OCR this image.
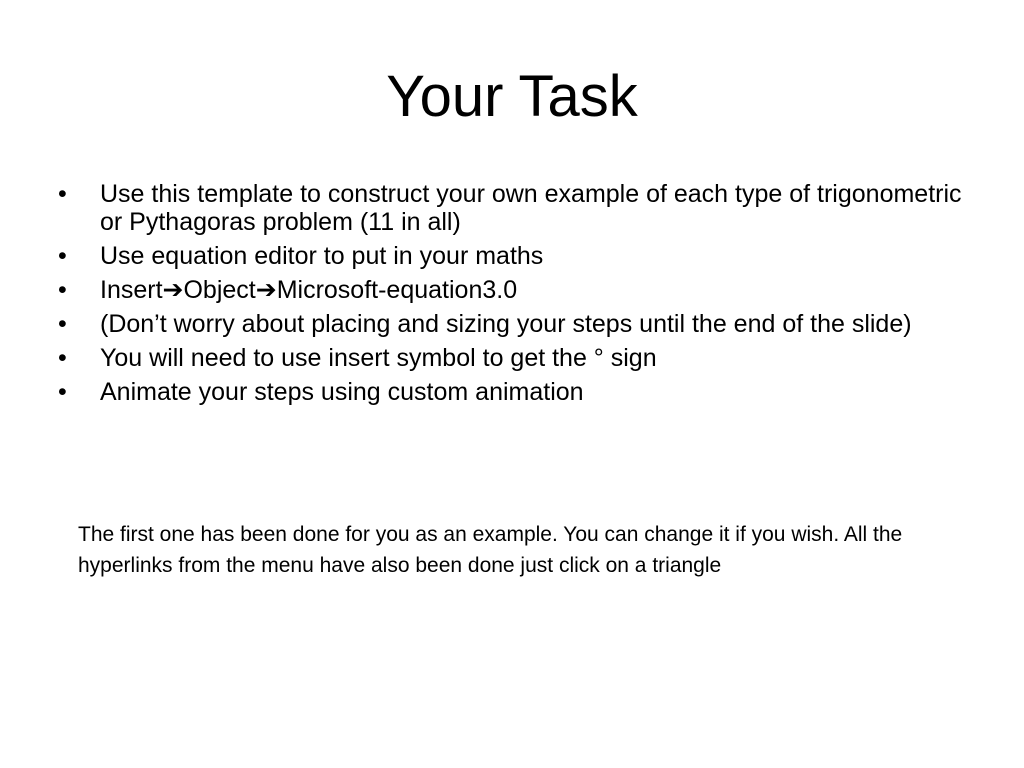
Your Task
•	Use this template to construct your own example of each type of trigonometric or Pythagoras problem (11 in all)
•	Use equation editor to put in your maths
•	Insert➔Object➔Microsoft-equation3.0
•	(Don’t worry about placing and sizing your steps until the end of the slide)
•	You will need to use insert symbol to get the ° sign
•	Animate your steps using custom animation

The first one has been done for you as an example. You can change it if you wish. All the hyperlinks from the menu have also been done just click on a triangle
